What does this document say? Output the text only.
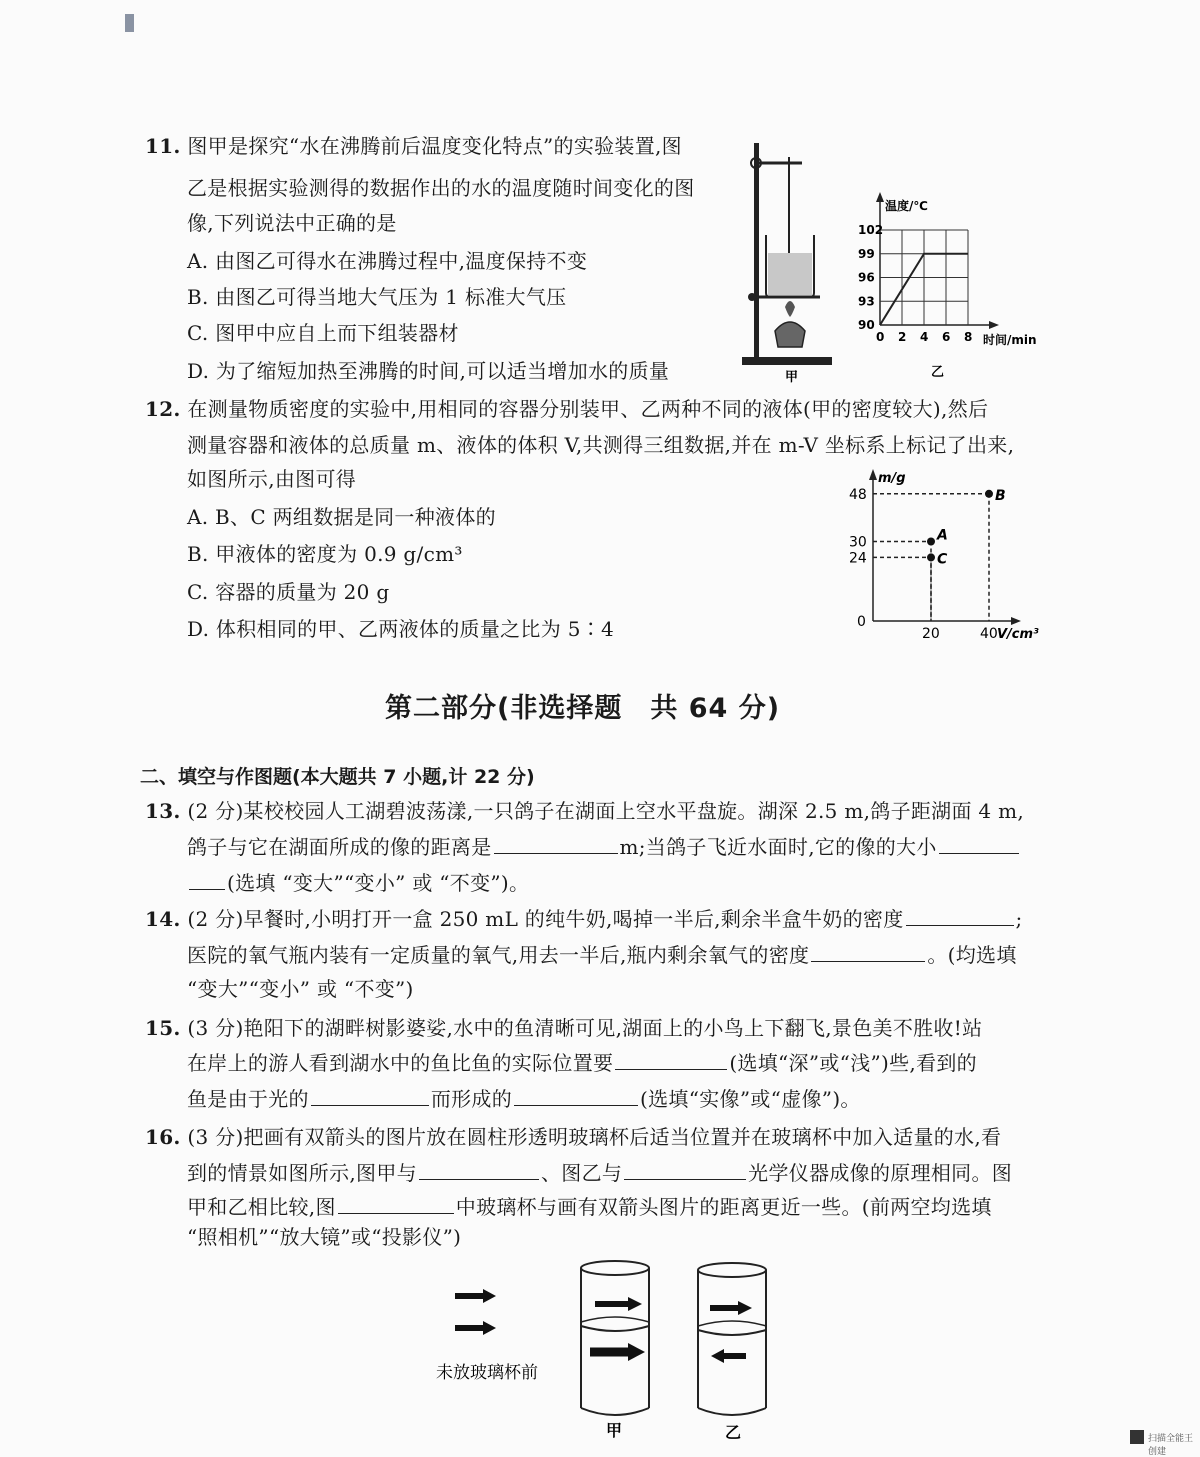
11. 图甲是探究“水在沸腾前后温度变化特点”的实验装置,图
乙是根据实验测得的数据作出的水的温度随时间变化的图
像,下列说法中正确的是
A. 由图乙可得水在沸腾过程中,温度保持不变
B. 由图乙可得当地大气压为 1 标准大气压
C. 图甲中应自上而下组装器材
D. 为了缩短加热至沸腾的时间,可以适当增加水的质量	甲
0 2 4 6 8
90
93
96
99
102
温度/℃
时间/min
乙
12. 在测量物质密度的实验中,用相同的容器分别装甲、乙两种不同的液体(甲的密度较大),然后
测量容器和液体的总质量 m、液体的体积 V,共测得三组数据,并在 m-V 坐标系上标记了出来,
如图所示,由图可得
A. B、C 两组数据是同一种液体的
B. 甲液体的密度为 0.9 g/cm³
C. 容器的质量为 20 g
D. 体积相同的甲、乙两液体的质量之比为 5∶4
A
C
B
24
30
48
20	40
m/g
V/cm³
0
第二部分(非选择题　共 64 分)
二、填空与作图题(本大题共 7 小题,计 22 分)
13. (2 分)某校校园人工湖碧波荡漾,一只鸽子在湖面上空水平盘旋。湖深 2.5 m,鸽子距湖面 4 m,
鸽子与它在湖面所成的像的距离是	m;当鸽子飞近水面时,它的像的大小
(选填 “变大”“变小” 或 “不变”)。
14. (2 分)早餐时,小明打开一盒 250 mL 的纯牛奶,喝掉一半后,剩余半盒牛奶的密度	;
医院的氧气瓶内装有一定质量的氧气,用去一半后,瓶内剩余氧气的密度	。(均选填
“变大”“变小” 或 “不变”)
15. (3 分)艳阳下的湖畔树影婆娑,水中的鱼清晰可见,湖面上的小鸟上下翻飞,景色美不胜收!站
在岸上的游人看到湖水中的鱼比鱼的实际位置要	(选填“深”或“浅”)些,看到的
鱼是由于光的	而形成的	(选填“实像”或“虚像”)。
16. (3 分)把画有双箭头的图片放在圆柱形透明玻璃杯后适当位置并在玻璃杯中加入适量的水,看
到的情景如图所示,图甲与	、图乙与	光学仪器成像的原理相同。图
甲和乙相比较,图	中玻璃杯与画有双箭头图片的距离更近一些。(前两空均选填
“照相机”“放大镜”或“投影仪”)
未放玻璃杯前
甲	乙	扫描全能王 创建
